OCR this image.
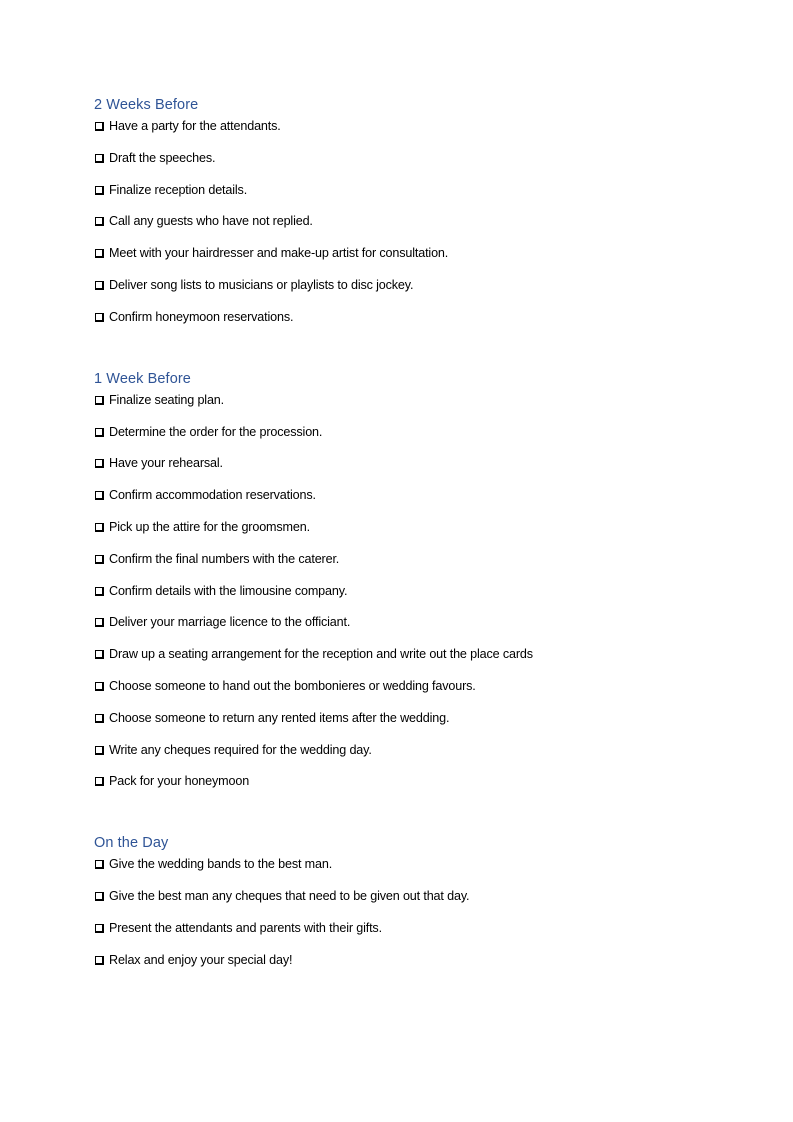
2 Weeks Before
Have a party for the attendants.
Draft the speeches.
Finalize reception details.
Call any guests who have not replied.
Meet with your hairdresser and make-up artist for consultation.
Deliver song lists to musicians or playlists to disc jockey.
Confirm honeymoon reservations.
1 Week Before
Finalize seating plan.
Determine the order for the procession.
Have your rehearsal.
Confirm accommodation reservations.
Pick up the attire for the groomsmen.
Confirm the final numbers with the caterer.
Confirm details with the limousine company.
Deliver your marriage licence to the officiant.
Draw up a seating arrangement for the reception and write out the place cards
Choose someone to hand out the bombonieres or wedding favours.
Choose someone to return any rented items after the wedding.
Write any cheques required for the wedding day.
Pack for your honeymoon
On the Day
Give the wedding bands to the best man.
Give the best man any cheques that need to be given out that day.
Present the attendants and parents with their gifts.
Relax and enjoy your special day!
